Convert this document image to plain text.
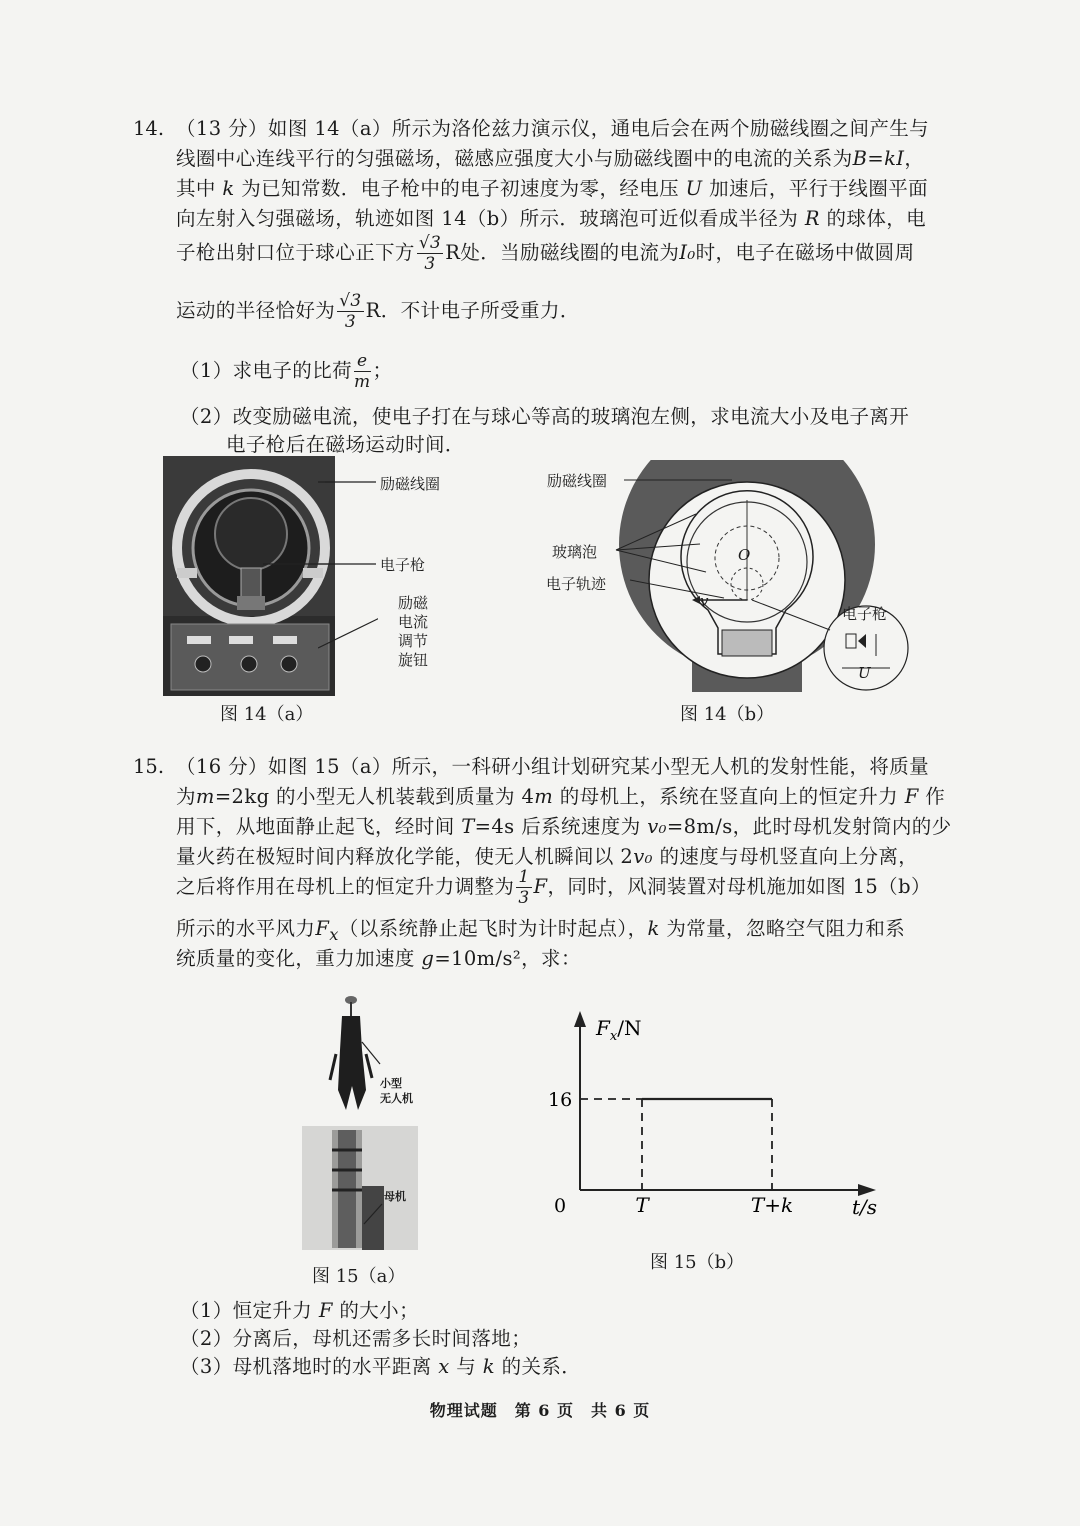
14. （13 分）如图 14（a）所示为洛伦兹力演示仪，通电后会在两个励磁线圈之间产生与
线圈中心连线平行的匀强磁场，磁感应强度大小与励磁线圈中的电流的关系为B=kI，
其中 k 为已知常数．电子枪中的电子初速度为零，经电压 U 加速后，平行于线圈平面
向左射入匀强磁场，轨迹如图 14（b）所示．玻璃泡可近似看成半径为 R 的球体，电
子枪出射口位于球心正下方 $\frac{√3}{3}$ R处．当励磁线圈的电流为I₀时，电子在磁场中做圆周
运动的半径恰好为 $\frac{√3}{3}$ R．不计电子所受重力．
（1）求电子的比荷 $\frac{e}{m}$ ；
（2）改变励磁电流，使电子打在与球心等高的玻璃泡左侧，求电流大小及电子离开
电子枪后在磁场运动时间．
励磁线圈
电子枪
励磁
电流
调节
旋钮
图 14（a）
励磁线圈
玻璃泡
电子轨迹
电子枪
v
O
U
图 14（b）
15. （16 分）如图 15（a）所示，一科研小组计划研究某小型无人机的发射性能，将质量
为m=2kg 的小型无人机装载到质量为 4m 的母机上，系统在竖直向上的恒定升力 F 作
用下，从地面静止起飞，经时间 T=4s 后系统速度为 v₀=8m/s，此时母机发射筒内的少
量火药在极短时间内释放化学能，使无人机瞬间以 2v₀ 的速度与母机竖直向上分离，
之后将作用在母机上的恒定升力调整为 $\frac{1}{3}$ F，同时，风洞装置对母机施加如图 15（b）
所示的水平风力$F_x$（以系统静止起飞时为计时起点），k 为常量，忽略空气阻力和系
统质量的变化，重力加速度 g=10m/s²，求：
小型
无人机
母机
图 15（a）
16
T	T+k
$F_x/N$
t/s
0
图 15（b）
（1）恒定升力 F 的大小；
（2）分离后，母机还需多长时间落地；
（3）母机落地时的水平距离 x 与 k 的关系．
物理试题　第 6 页　共 6 页
